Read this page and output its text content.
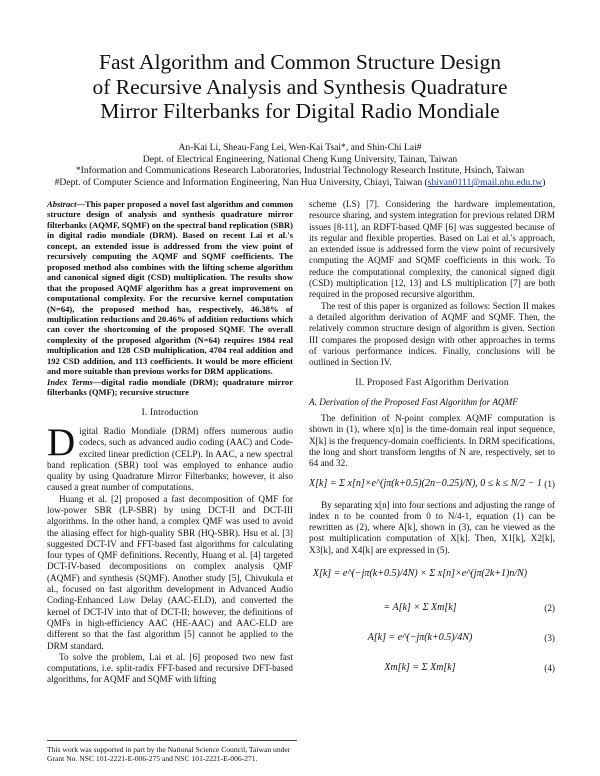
Fast Algorithm and Common Structure Design
of Recursive Analysis and Synthesis Quadrature
Mirror Filterbanks for Digital Radio Mondiale
An-Kai Li, Sheau-Fang Lei, Wen-Kai Tsai*, and Shin-Chi Lai#
Dept. of Electrical Engineering, National Cheng Kung University, Tainan, Taiwan
*Information and Communications Research Laboratories, Industrial Technology Research Institute, Hsinch, Taiwan
#Dept. of Computer Science and Information Engineering, Nan Hua University, Chiayi, Taiwan (shivan0111@mail.nhu.edu.tw)
Abstract—This paper proposed a novel fast algorithm and common structure design of analysis and synthesis quadrature mirror filterbanks (AQMF, SQMF) on the spectral band replication (SBR) in digital radio mondiale (DRM). Based on recent Lai et al.'s concept, an extended issue is addressed from the view point of recursively computing the AQMF and SQMF coefficients. The proposed method also combines with the lifting scheme algorithm and canonical signed digit (CSD) multiplication. The results show that the proposed AQMF algorithm has a great improvement on computational complexity. For the recursive kernel computation (N=64), the proposed method has, respectively, 46.38% of multiplication reductions and 20.46% of addition reductions which can cover the shortcoming of the proposed SQMF. The overall complexity of the proposed algorithm (N=64) requires 1984 real multiplication and 128 CSD multiplication, 4704 real addition and 192 CSD addition, and 113 coefficients. It would be more efficient and more suitable than previous works for DRM applications.
Index Terms—digital radio mondiale (DRM); quadrature mirror filterbanks (QMF); recursive structure
I. Introduction
D igital Radio Mondiale (DRM) offers numerous audio codecs, such as advanced audio coding (AAC) and Code-excited linear prediction (CELP). In AAC, a new spectral band replication (SBR) tool was employed to enhance audio quality by using Quadrature Mirror Filterbanks; however, it also caused a great number of computations.

Huang et al. [2] proposed a fast decomposition of QMF for low-power SBR (LP-SBR) by using DCT-II and DCT-III algorithms. In the other hand, a complex QMF was used to avoid the aliasing effect for high-quality SBR (HQ-SBR). Hsu et al. [3] suggested DCT-IV and FFT-based fast algorithms for calculating four types of QMF definitions. Recently, Huang et al. [4] targeted DCT-IV-based decompositions on complex analysis QMF (AQMF) and synthesis (SQMF). Another study [5], Chivukula et al., focused on fast algorithm development in Advanced Audio Coding-Enhanced Low Delay (AAC-ELD), and converted the kernel of DCT-IV into that of DCT-II; however, the definitions of QMFs in high-efficiency AAC (HE-AAC) and AAC-ELD are different so that the fast algorithm [5] cannot be applied to the DRM standard.

To solve the problem, Lai et al. [6] proposed two new fast computations, i.e. split-radix FFT-based and recursive DFT-based algorithms, for AQMF and SQMF with lifting

scheme (LS) [7]. Considering the hardware implementation, resource sharing, and system integration for previous related DRM issues [8-11], an RDFT-based QMF [6] was suggested because of its regular and flexible properties. Based on Lai et al.'s approach, an extended issue is addressed form the view point of recursively computing the AQMF and SQMF coefficients in this work. To reduce the computational complexity, the canonical signed digit (CSD) multiplication [12, 13] and LS multiplication [7] are both required in the proposed recursive algorithm.

The rest of this paper is organized as follows: Section II makes a detailed algorithm derivation of AQMF and SQMF. Then, the relatively common structure design of algorithm is given. Section III compares the proposed design with other approaches in terms of various performance indices. Finally, conclusions will be outlined in Section IV.

II. Proposed Fast Algorithm Derivation
A. Derivation of the Proposed Fast Algorithm for AQMF

The definition of N-point complex AQMF computation is shown in (1), where x[n] is the time-domain real input sequence, X[k] is the frequency-domain coefficients. In DRM specifications, the long and short transform lengths of N are, respectively, set to 64 and 32.

X[k] = Σ x[n]×e^(jπ(k+0.5)(2n−0.25)/N), 0 ≤ k ≤ N/2 − 1 (1)

By separating x[n] into four sections and adjusting the range of index n to be counted from 0 to N/4-1, equation (1) can be rewritten as (2), where A[k], shown in (3), can be viewed as the post multiplication computation of X[k]. Then, X1[k], X2[k], X3[k], and X4[k] are expressed in (5).

X[k] = e^(−jπ(k+0.5)/4N) × Σ x[n]×e^(jπ(2k+1)n/N)
= A[k] × Σ Xm[k]	(2)
A[k] = e^(−jπ(k+0.5)/4N)	(3)
Xm[k] = Σ Xm[k]	(4)
This work was supported in part by the National Science Council, Taiwan under Grant No. NSC 101-2221-E-006-275 and NSC 101-2221-E-006-271.
